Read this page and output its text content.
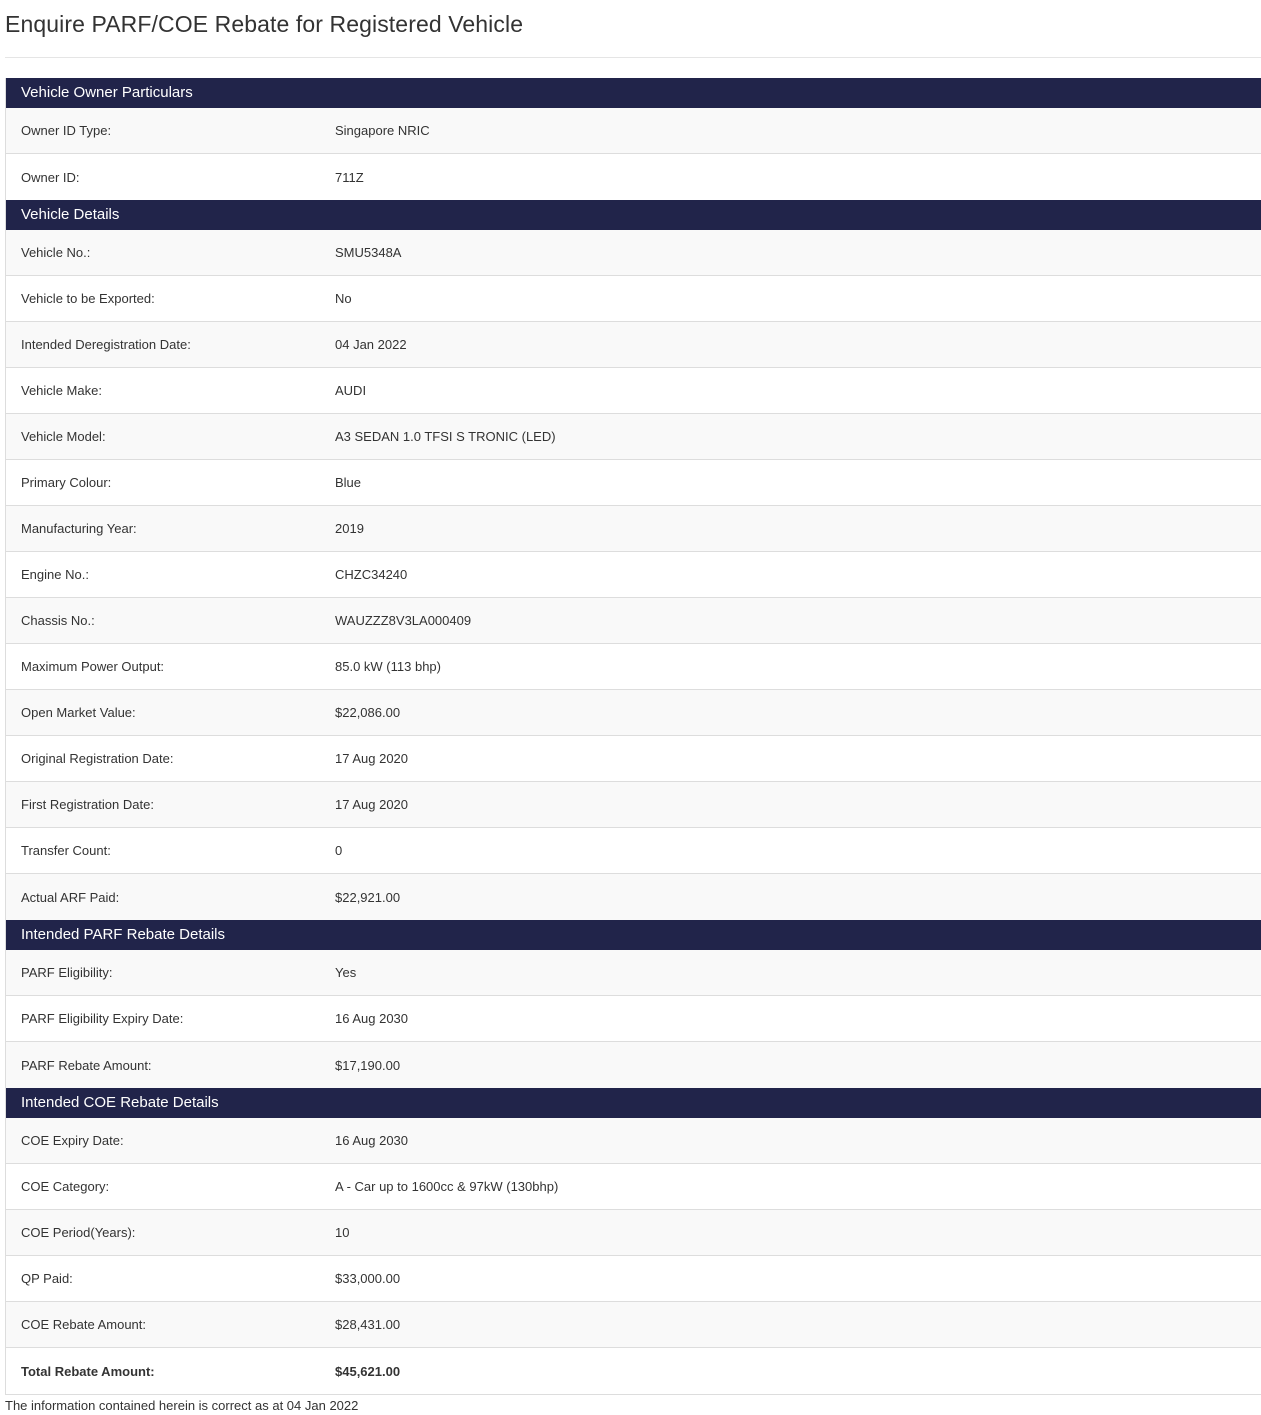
Enquire PARF/COE Rebate for Registered Vehicle
Vehicle Owner Particulars
Owner ID Type:	Singapore NRIC
Owner ID:	711Z
Vehicle Details
Vehicle No.:	SMU5348A
Vehicle to be Exported:	No
Intended Deregistration Date:	04 Jan 2022
Vehicle Make:	AUDI
Vehicle Model:	A3 SEDAN 1.0 TFSI S TRONIC (LED)
Primary Colour:	Blue
Manufacturing Year:	2019
Engine No.:	CHZC34240
Chassis No.:	WAUZZZ8V3LA000409
Maximum Power Output:	85.0 kW (113 bhp)
Open Market Value:	$22,086.00
Original Registration Date:	17 Aug 2020
First Registration Date:	17 Aug 2020
Transfer Count:	0
Actual ARF Paid:	$22,921.00
Intended PARF Rebate Details
PARF Eligibility:	Yes
PARF Eligibility Expiry Date:	16 Aug 2030
PARF Rebate Amount:	$17,190.00
Intended COE Rebate Details
COE Expiry Date:	16 Aug 2030
COE Category:	A - Car up to 1600cc & 97kW (130bhp)
COE Period(Years):	10
QP Paid:	$33,000.00
COE Rebate Amount:	$28,431.00
Total Rebate Amount:	$45,621.00
The information contained herein is correct as at 04 Jan 2022
